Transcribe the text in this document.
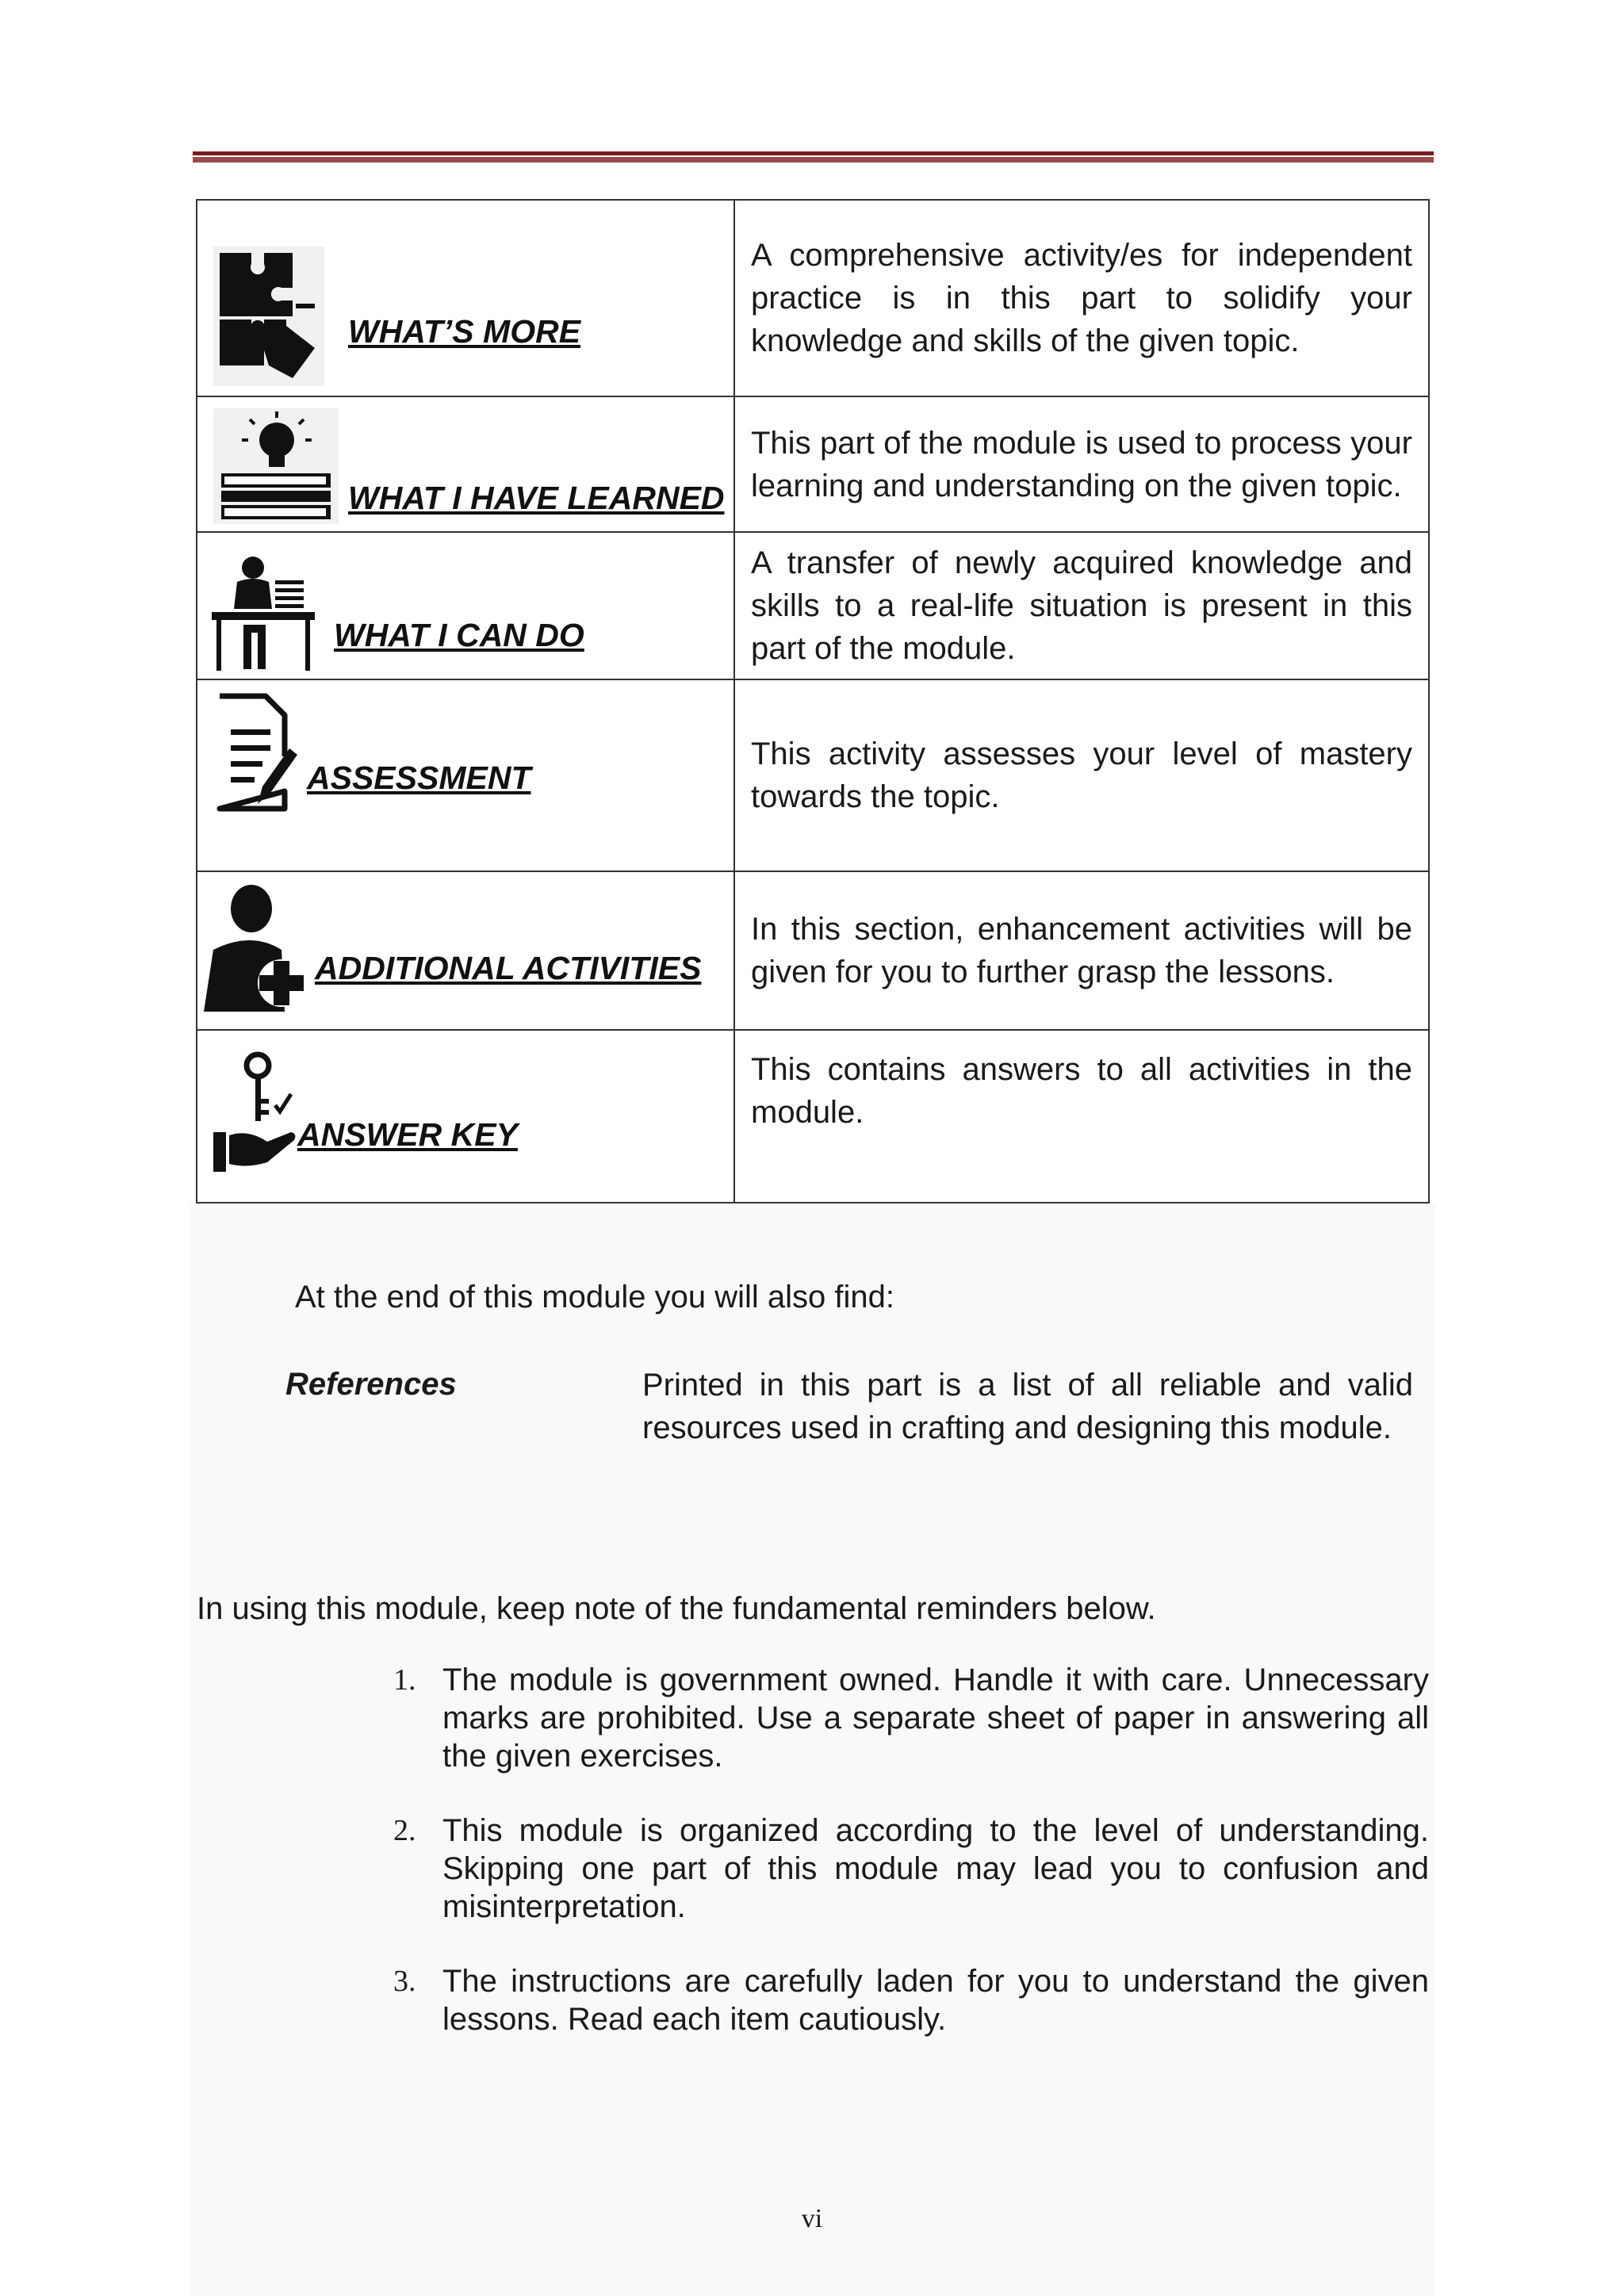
WHAT’S MORE	A comprehensive activity/es for independent practice is in this part to solidify your knowledge and skills of the given topic.

WHAT I HAVE LEARNED	This part of the module is used to process your learning and understanding on the given topic.

WHAT I CAN DO	A transfer of newly acquired knowledge and skills to a real-life situation is present in this part of the module.

ASSESSMENT	This activity assesses your level of mastery towards the topic.

ADDITIONAL ACTIVITIES	In this section, enhancement activities will be given for you to further grasp the lessons.

ANSWER KEY	This contains answers to all activities in the module.
At the end of this module you will also find:
References	Printed in this part is a list of all reliable and valid resources used in crafting and designing this module.
In using this module, keep note of the fundamental reminders below.
1. The module is government owned. Handle it with care. Unnecessary marks are prohibited. Use a separate sheet of paper in answering all the given exercises.
2. This module is organized according to the level of understanding. Skipping one part of this module may lead you to confusion and misinterpretation.
3. The instructions are carefully laden for you to understand the given lessons. Read each item cautiously.
vi
